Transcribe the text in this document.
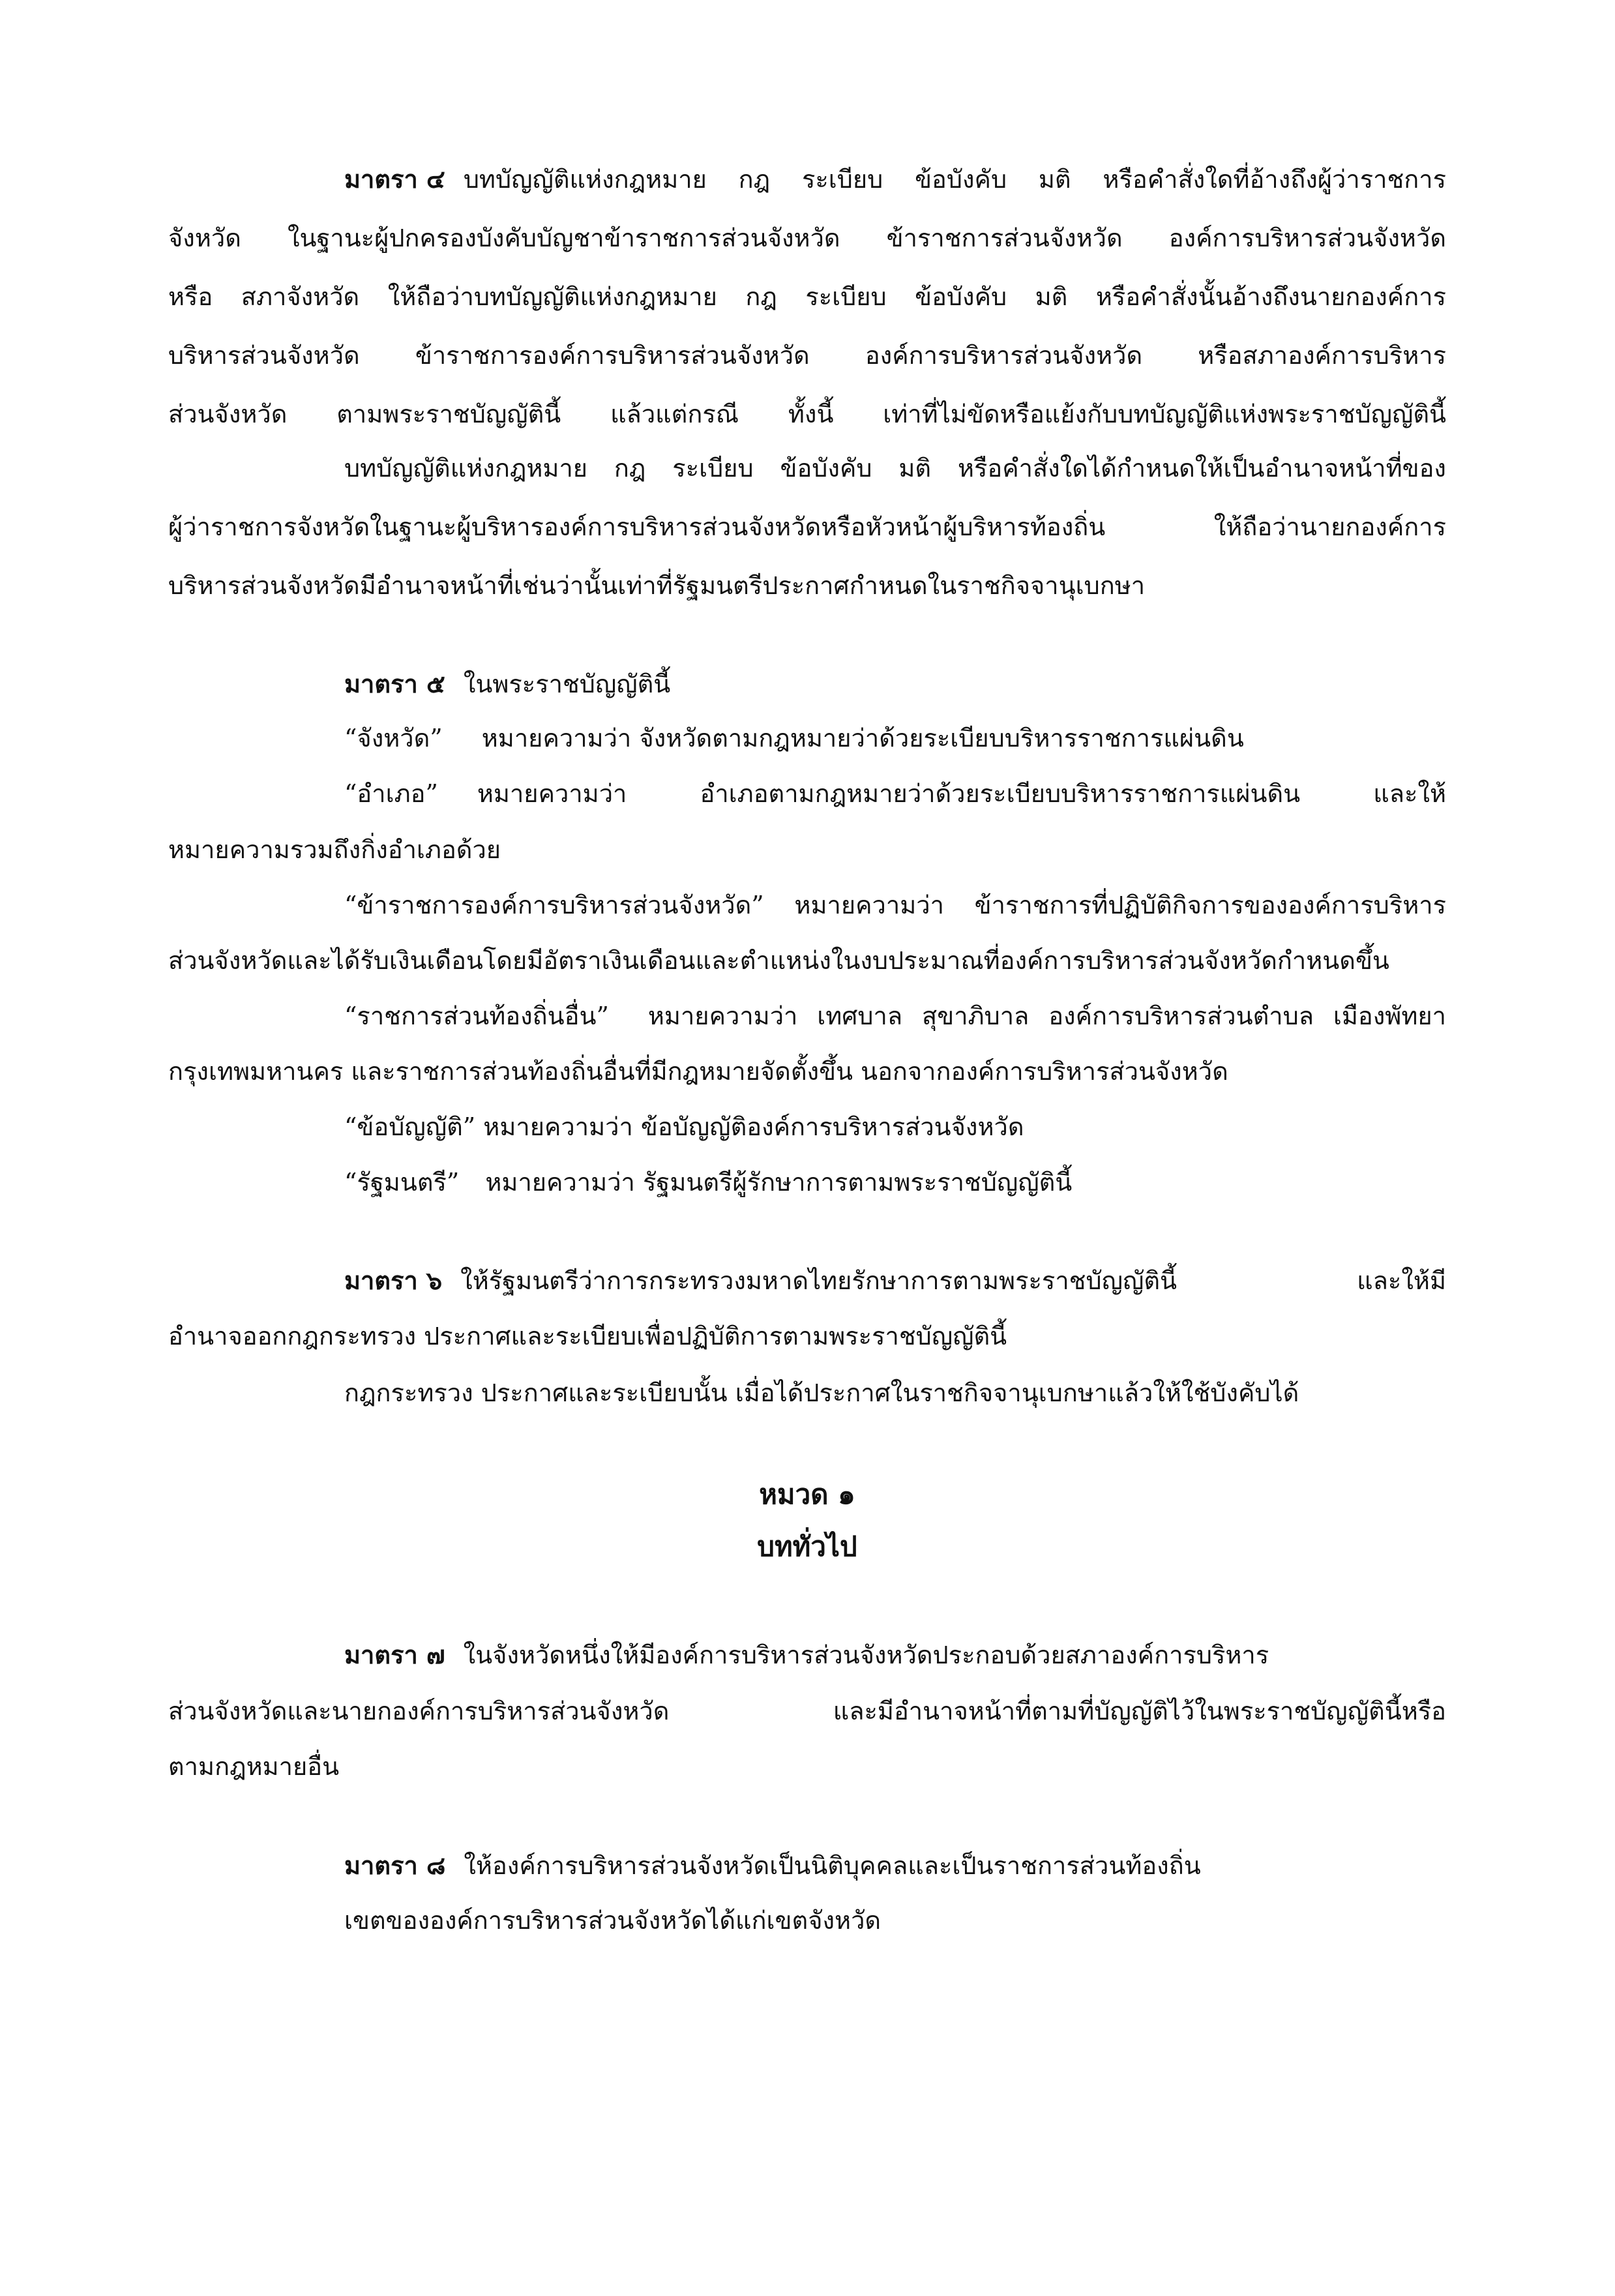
มาตรา ๔ บทบัญญัติแห่งกฎหมาย กฎ ระเบียบ ข้อบังคับ มติ หรือคำสั่งใดที่อ้างถึงผู้ว่าราชการ
จังหวัด ในฐานะผู้ปกครองบังคับบัญชาข้าราชการส่วนจังหวัด ข้าราชการส่วนจังหวัด องค์การบริหารส่วนจังหวัด
หรือ สภาจังหวัด ให้ถือว่าบทบัญญัติแห่งกฎหมาย กฎ ระเบียบ ข้อบังคับ มติ หรือคำสั่งนั้นอ้างถึงนายกองค์การ
บริหารส่วนจังหวัด ข้าราชการองค์การบริหารส่วนจังหวัด องค์การบริหารส่วนจังหวัด หรือสภาองค์การบริหาร
ส่วนจังหวัด ตามพระราชบัญญัตินี้ แล้วแต่กรณี ทั้งนี้ เท่าที่ไม่ขัดหรือแย้งกับบทบัญญัติแห่งพระราชบัญญัตินี้
บทบัญญัติแห่งกฎหมาย กฎ ระเบียบ ข้อบังคับ มติ หรือคำสั่งใดได้กำหนดให้เป็นอำนาจหน้าที่ของ
ผู้ว่าราชการจังหวัดในฐานะผู้บริหารองค์การบริหารส่วนจังหวัดหรือหัวหน้าผู้บริหารท้องถิ่น ให้ถือว่านายกองค์การ
บริหารส่วนจังหวัดมีอำนาจหน้าที่เช่นว่านั้นเท่าที่รัฐมนตรีประกาศกำหนดในราชกิจจานุเบกษา
มาตรา ๕ ในพระราชบัญญัตินี้
“จังหวัด” หมายความว่า จังหวัดตามกฎหมายว่าด้วยระเบียบบริหารราชการแผ่นดิน
“อำเภอ” หมายความว่า อำเภอตามกฎหมายว่าด้วยระเบียบบริหารราชการแผ่นดิน และให้
หมายความรวมถึงกิ่งอำเภอด้วย
“ข้าราชการองค์การบริหารส่วนจังหวัด” หมายความว่า ข้าราชการที่ปฏิบัติกิจการขององค์การบริหาร
ส่วนจังหวัดและได้รับเงินเดือนโดยมีอัตราเงินเดือนและตำแหน่งในงบประมาณที่องค์การบริหารส่วนจังหวัดกำหนดขึ้น
“ราชการส่วนท้องถิ่นอื่น” หมายความว่า เทศบาล สุขาภิบาล องค์การบริหารส่วนตำบล เมืองพัทยา
กรุงเทพมหานคร และราชการส่วนท้องถิ่นอื่นที่มีกฎหมายจัดตั้งขึ้น นอกจากองค์การบริหารส่วนจังหวัด
“ข้อบัญญัติ” หมายความว่า ข้อบัญญัติองค์การบริหารส่วนจังหวัด
“รัฐมนตรี” หมายความว่า รัฐมนตรีผู้รักษาการตามพระราชบัญญัตินี้
มาตรา ๖ ให้รัฐมนตรีว่าการกระทรวงมหาดไทยรักษาการตามพระราชบัญญัตินี้ และให้มี
อำนาจออกกฎกระทรวง ประกาศและระเบียบเพื่อปฏิบัติการตามพระราชบัญญัตินี้
กฎกระทรวง ประกาศและระเบียบนั้น เมื่อได้ประกาศในราชกิจจานุเบกษาแล้วให้ใช้บังคับได้
หมวด ๑
บททั่วไป
มาตรา ๗ ในจังหวัดหนึ่งให้มีองค์การบริหารส่วนจังหวัดประกอบด้วยสภาองค์การบริหาร
ส่วนจังหวัดและนายกองค์การบริหารส่วนจังหวัด และมีอำนาจหน้าที่ตามที่บัญญัติไว้ในพระราชบัญญัตินี้หรือ
ตามกฎหมายอื่น
มาตรา ๘ ให้องค์การบริหารส่วนจังหวัดเป็นนิติบุคคลและเป็นราชการส่วนท้องถิ่น
เขตขององค์การบริหารส่วนจังหวัดได้แก่เขตจังหวัด
